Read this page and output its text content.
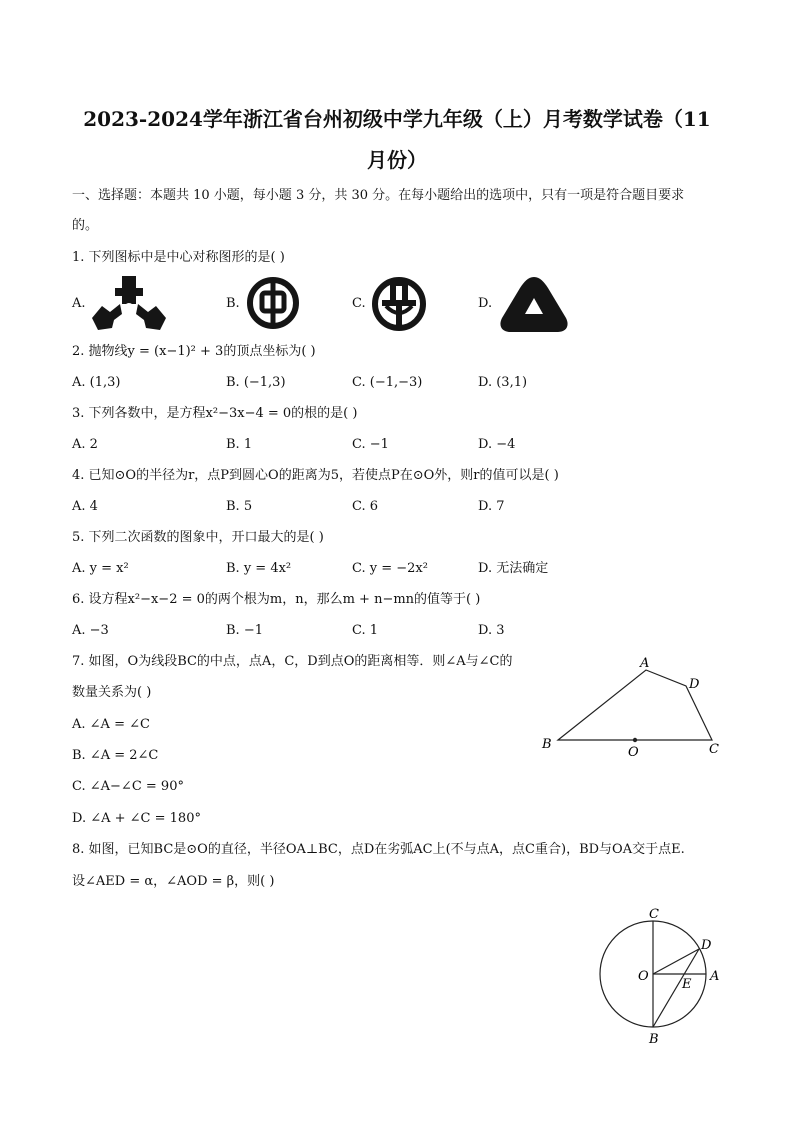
2023-2024学年浙江省台州初级中学九年级（上）月考数学试卷（11
月份）
一、选择题：本题共 10 小题，每小题 3 分，共 30 分。在每小题给出的选项中，只有一项是符合题目要求
的。
1. 下列图标中是中心对称图形的是( )
A.	B.	C.	D.
2. 抛物线y = (x−1)² + 3的顶点坐标为( )
A. (1,3)	B. (−1,3)	C. (−1,−3)	D. (3,1)
3. 下列各数中，是方程x²−3x−4 = 0的根的是( )
A. 2	B. 1	C. −1	D. −4
4. 已知⊙O的半径为r，点P到圆心O的距离为5，若使点P在⊙O外，则r的值可以是( )
A. 4	B. 5	C. 6	D. 7
5. 下列二次函数的图象中，开口最大的是( )
A. y = x²	B. y = 4x²	C. y = −2x²	D. 无法确定
6. 设方程x²−x−2 = 0的两个根为m，n，那么m + n−mn的值等于( )
A. −3	B. −1	C. 1	D. 3
7. 如图，O为线段BC的中点，点A，C，D到点O的距离相等．则∠A与∠C的
数量关系为( )
A. ∠A = ∠C
B. ∠A = 2∠C
C. ∠A−∠C = 90°
D. ∠A + ∠C = 180°
A
D
B
O	C
8. 如图，已知BC是⊙O的直径，半径OA⊥BC，点D在劣弧AC上(不与点A，点C重合)，BD与OA交于点E.
设∠AED = α，∠AOD = β，则( )
C
D
O
E
A
B
